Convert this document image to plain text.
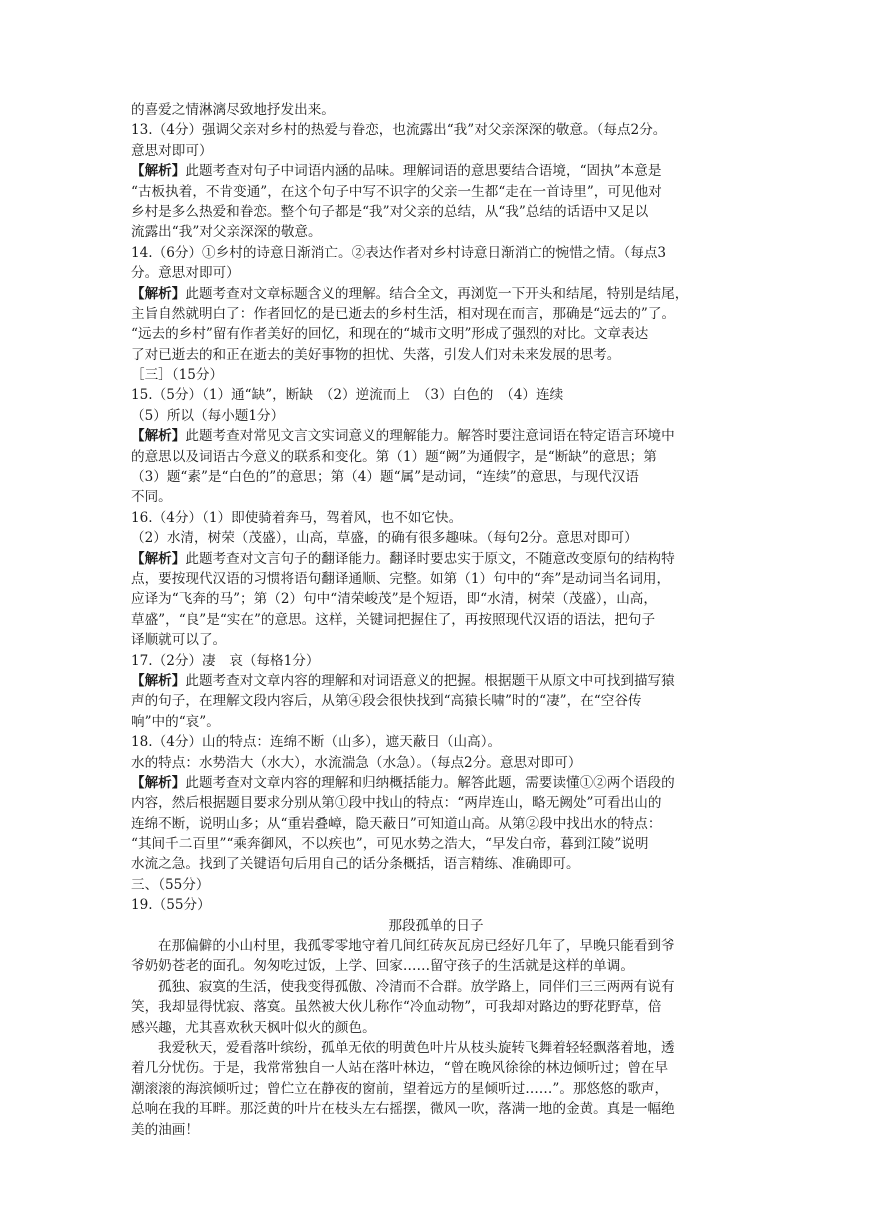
的喜爱之情淋漓尽致地抒发出来。
13.（4分）强调父亲对乡村的热爱与眷恋，也流露出“我”对父亲深深的敬意。（每点2分。
意思对即可）
【解析】此题考查对句子中词语内涵的品味。理解词语的意思要结合语境，“固执”本意是
“古板执着，不肯变通”，在这个句子中写不识字的父亲一生都“走在一首诗里”，可见他对
乡村是多么热爱和眷恋。整个句子都是“我”对父亲的总结，从“我”总结的话语中又足以
流露出“我”对父亲深深的敬意。
14.（6分）①乡村的诗意日渐消亡。②表达作者对乡村诗意日渐消亡的惋惜之情。（每点3
分。意思对即可）
【解析】此题考查对文章标题含义的理解。结合全文，再浏览一下开头和结尾，特别是结尾，
主旨自然就明白了：作者回忆的是已逝去的乡村生活，相对现在而言，那确是“远去的”了。
“远去的乡村”留有作者美好的回忆，和现在的“城市文明”形成了强烈的对比。文章表达
了对已逝去的和正在逝去的美好事物的担忧、失落，引发人们对未来发展的思考。
［三］（15分）
15.（5分）（1）通“缺”，断缺　（2）逆流而上　（3）白色的　（4）连续
（5）所以（每小题1分）
【解析】此题考查对常见文言文实词意义的理解能力。解答时要注意词语在特定语言环境中
的意思以及词语古今意义的联系和变化。第（1）题“阙”为通假字，是“断缺”的意思；第
（3）题“素”是“白色的”的意思；第（4）题“属”是动词，“连续”的意思，与现代汉语
不同。
16.（4分）（1）即使骑着奔马，驾着风，也不如它快。
（2）水清，树荣（茂盛），山高，草盛，的确有很多趣味。（每句2分。意思对即可）
【解析】此题考查对文言句子的翻译能力。翻译时要忠实于原文，不随意改变原句的结构特
点，要按现代汉语的习惯将语句翻译通顺、完整。如第（1）句中的“奔”是动词当名词用，
应译为“飞奔的马”；第（2）句中“清荣峻茂”是个短语，即“水清，树荣（茂盛），山高，
草盛”，“良”是“实在”的意思。这样，关键词把握住了，再按照现代汉语的语法，把句子
译顺就可以了。
17.（2分）凄　哀（每格1分）
【解析】此题考查对文章内容的理解和对词语意义的把握。根据题干从原文中可找到描写猿
声的句子，在理解文段内容后，从第④段会很快找到“高猿长啸”时的“凄”，在“空谷传
响”中的“哀”。
18.（4分）山的特点：连绵不断（山多），遮天蔽日（山高）。
水的特点：水势浩大（水大），水流湍急（水急）。（每点2分。意思对即可）
【解析】此题考查对文章内容的理解和归纳概括能力。解答此题，需要读懂①②两个语段的
内容，然后根据题目要求分别从第①段中找山的特点：“两岸连山，略无阙处”可看出山的
连绵不断，说明山多；从“重岩叠嶂，隐天蔽日”可知道山高。从第②段中找出水的特点：
“其间千二百里”“乘奔御风，不以疾也”，可见水势之浩大，“早发白帝，暮到江陵”说明
水流之急。找到了关键语句后用自己的话分条概括，语言精练、准确即可。
三、（55分）
19.（55分）
那段孤单的日子
在那偏僻的小山村里，我孤零零地守着几间红砖灰瓦房已经好几年了，早晚只能看到爷
爷奶奶苍老的面孔。匆匆吃过饭，上学、回家……留守孩子的生活就是这样的单调。
孤独、寂寞的生活，使我变得孤傲、冷清而不合群。放学路上，同伴们三三两两有说有
笑，我却显得忧寂、落寞。虽然被大伙儿称作“冷血动物”，可我却对路边的野花野草，倍
感兴趣，尤其喜欢秋天枫叶似火的颜色。
我爱秋天，爱看落叶缤纷，孤单无依的明黄色叶片从枝头旋转飞舞着轻轻飘落着地，透
着几分忧伤。于是，我常常独自一人站在落叶林边，“曾在晚风徐徐的林边倾听过；曾在早
潮滚滚的海滨倾听过；曾伫立在静夜的窗前，望着远方的星倾听过……”。那悠悠的歌声，
总响在我的耳畔。那泛黄的叶片在枝头左右摇摆，微风一吹，落满一地的金黄。真是一幅绝
美的油画！
